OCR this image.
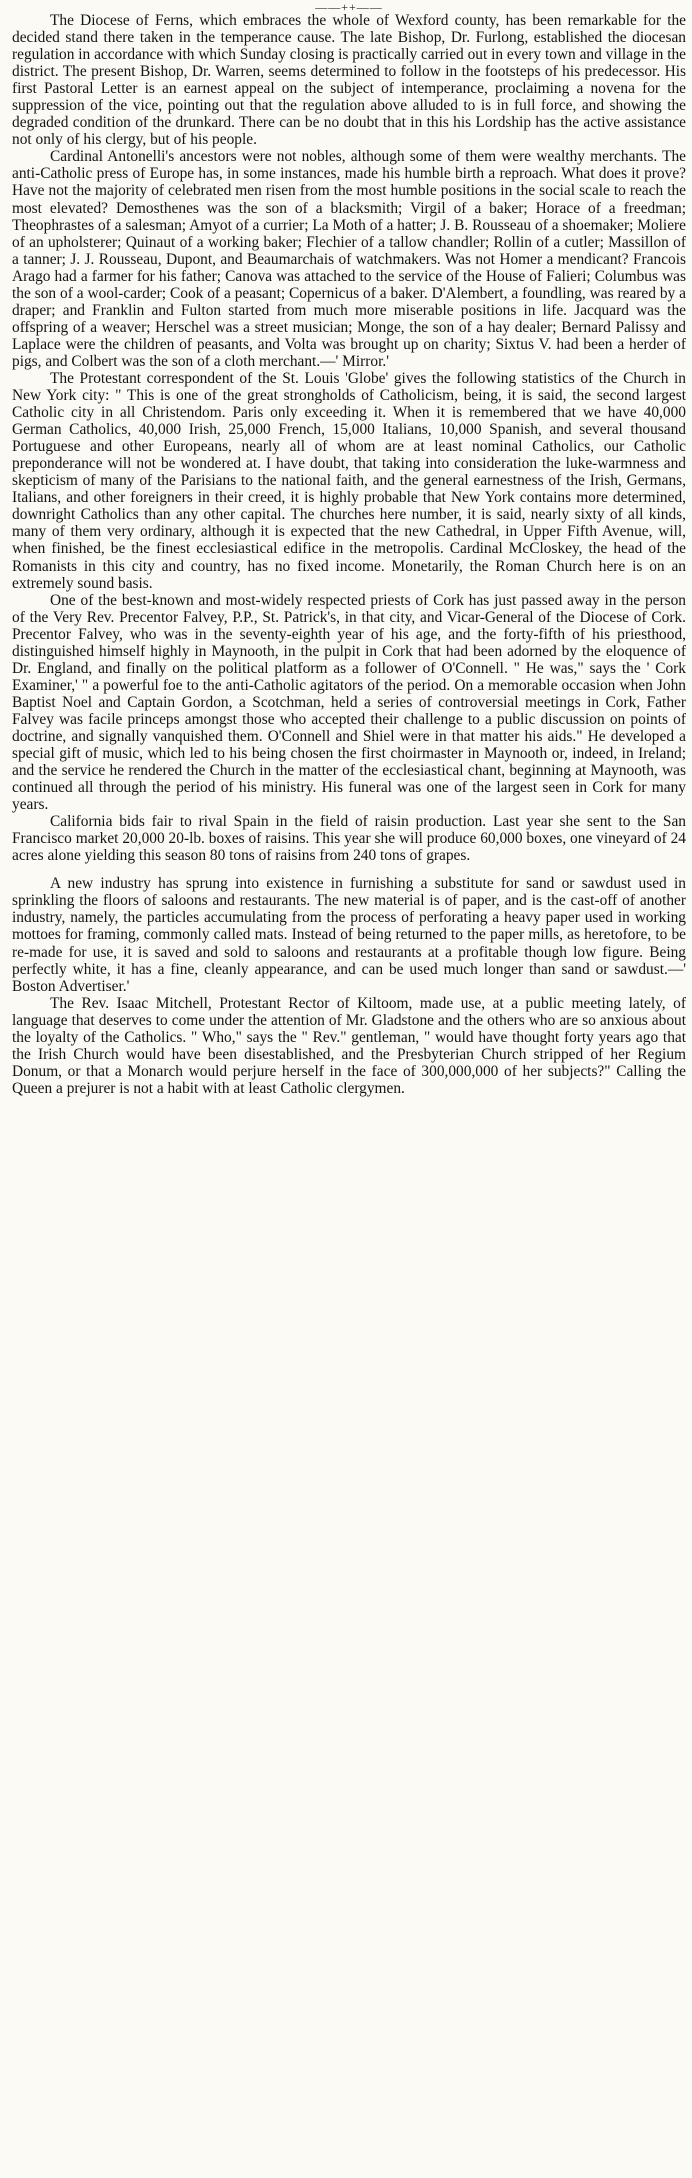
——++——

The Diocese of Ferns, which embraces the whole of Wexford county, has been remarkable for the decided stand there taken in the temperance cause. The late Bishop, Dr. Furlong, established the diocesan regulation in accordance with which Sunday closing is practically carried out in every town and village in the district. The present Bishop, Dr. Warren, seems determined to follow in the footsteps of his predecessor. His first Pastoral Letter is an earnest appeal on the subject of intemperance, proclaiming a novena for the suppression of the vice, pointing out that the regulation above alluded to is in full force, and showing the degraded condition of the drunkard. There can be no doubt that in this his Lordship has the active assistance not only of his clergy, but of his people.

Cardinal Antonelli's ancestors were not nobles, although some of them were wealthy merchants. The anti-Catholic press of Europe has, in some instances, made his humble birth a reproach. What does it prove? Have not the majority of celebrated men risen from the most humble positions in the social scale to reach the most elevated? Demosthenes was the son of a blacksmith; Virgil of a baker; Horace of a freedman; Theophrastes of a salesman; Amyot of a currier; La Moth of a hatter; J. B. Rousseau of a shoemaker; Moliere of an upholsterer; Quinaut of a working baker; Flechier of a tallow chandler; Rollin of a cutler; Massillon of a tanner; J. J. Rousseau, Dupont, and Beaumarchais of watchmakers. Was not Homer a mendicant? Francois Arago had a farmer for his father; Canova was attached to the service of the House of Falieri; Columbus was the son of a wool-carder; Cook of a peasant; Copernicus of a baker. D'Alembert, a foundling, was reared by a draper; and Franklin and Fulton started from much more miserable positions in life. Jacquard was the offspring of a weaver; Herschel was a street musician; Monge, the son of a hay dealer; Bernard Palissy and Laplace were the children of peasants, and Volta was brought up on charity; Sixtus V. had been a herder of pigs, and Colbert was the son of a cloth merchant.—' Mirror.'

The Protestant correspondent of the St. Louis 'Globe' gives the following statistics of the Church in New York city: " This is one of the great strongholds of Catholicism, being, it is said, the second largest Catholic city in all Christendom. Paris only exceeding it. When it is remembered that we have 40,000 German Catholics, 40,000 Irish, 25,000 French, 15,000 Italians, 10,000 Spanish, and several thousand Portuguese and other Europeans, nearly all of whom are at least nominal Catholics, our Catholic preponderance will not be wondered at. I have doubt, that taking into consideration the luke-warmness and skepticism of many of the Parisians to the national faith, and the general earnestness of the Irish, Germans, Italians, and other foreigners in their creed, it is highly probable that New York contains more determined, downright Catholics than any other capital. The churches here number, it is said, nearly sixty of all kinds, many of them very ordinary, although it is expected that the new Cathedral, in Upper Fifth Avenue, will, when finished, be the finest ecclesiastical edifice in the metropolis. Cardinal McCloskey, the head of the Romanists in this city and country, has no fixed income. Monetarily, the Roman Church here is on an extremely sound basis.

One of the best-known and most-widely respected priests of Cork has just passed away in the person of the Very Rev. Precentor Falvey, P.P., St. Patrick's, in that city, and Vicar-General of the Diocese of Cork. Precentor Falvey, who was in the seventy-eighth year of his age, and the forty-fifth of his priesthood, distinguished himself highly in Maynooth, in the pulpit in Cork that had been adorned by the eloquence of Dr. England, and finally on the political platform as a follower of O'Connell. " He was," says the ' Cork Examiner,' " a powerful foe to the anti-Catholic agitators of the period. On a memorable occasion when John Baptist Noel and Captain Gordon, a Scotchman, held a series of controversial meetings in Cork, Father Falvey was facile princeps amongst those who accepted their challenge to a public discussion on points of doctrine, and signally vanquished them. O'Connell and Shiel were in that matter his aids." He developed a special gift of music, which led to his being chosen the first choirmaster in Maynooth or, indeed, in Ireland; and the service he rendered the Church in the matter of the ecclesiastical chant, beginning at Maynooth, was continued all through the period of his ministry. His funeral was one of the largest seen in Cork for many years.

California bids fair to rival Spain in the field of raisin production. Last year she sent to the San Francisco market 20,000 20-lb. boxes of raisins. This year she will produce 60,000 boxes, one vineyard of 24 acres alone yielding this season 80 tons of raisins from 240 tons of grapes.

A new industry has sprung into existence in furnishing a substitute for sand or sawdust used in sprinkling the floors of saloons and restaurants. The new material is of paper, and is the cast-off of another industry, namely, the particles accumulating from the process of perforating a heavy paper used in working mottoes for framing, commonly called mats. Instead of being returned to the paper mills, as heretofore, to be re-made for use, it is saved and sold to saloons and restaurants at a profitable though low figure. Being perfectly white, it has a fine, cleanly appearance, and can be used much longer than sand or sawdust.—' Boston Advertiser.'

The Rev. Isaac Mitchell, Protestant Rector of Kiltoom, made use, at a public meeting lately, of language that deserves to come under the attention of Mr. Gladstone and the others who are so anxious about the loyalty of the Catholics. " Who," says the " Rev." gentleman, " would have thought forty years ago that the Irish Church would have been disestablished, and the Presbyterian Church stripped of her Regium Donum, or that a Monarch would perjure herself in the face of 300,000,000 of her subjects?" Calling the Queen a prejurer is not a habit with at least Catholic clergymen.
